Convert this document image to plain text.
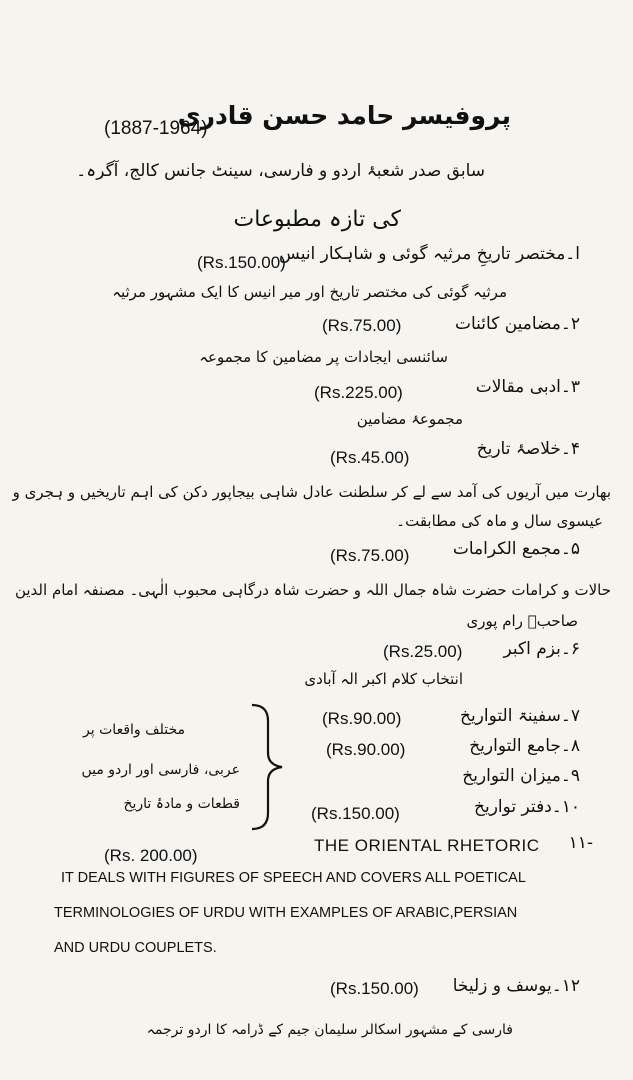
پروفیسر حامد حسن قادری
(1887-1964)
سابق صدر شعبۂ اردو و فارسی، سینٹ جانس کالج، آگرہ۔
کی تازہ مطبوعات
ا۔مختصر تاریخِ مرثیہ گوئی و شاہکار انیس
(Rs.150.00)
مرثیہ گوئی کی مختصر تاریخ اور میر انیس کا ایک مشہور مرثیہ
۲۔مضامین کائنات
(Rs.75.00)
سائنسی ایجادات پر مضامین کا مجموعہ
۳۔ادبی مقالات
(Rs.225.00)
مجموعۂ مضامین
۴۔خلاصۂ تاریخ
(Rs.45.00)
بھارت میں آریوں کی آمد سے لے کر سلطنت عادل شاہی بیجاپور دکن کی اہم تاریخیں و ہجری و
عیسوی سال و ماہ کی مطابقت۔
۵۔مجمع الکرامات
(Rs.75.00)
حالات و کرامات حضرت شاہ جمال اللہ و حضرت شاہ درگاہی محبوب الٰہی۔ مصنفہ امام الدین
صاحبؒ رام پوری
۶۔بزم اکبر
(Rs.25.00)
انتخاب کلام اکبر الہ آبادی
۷۔سفینۃ التواریخ
(Rs.90.00)
۸۔جامع التواریخ
(Rs.90.00)
۹۔میزان التواریخ
۱۰۔دفتر تواریخ
(Rs.150.00)
مختلف واقعات پر
عربی، فارسی اور اردو میں
قطعات و مادۂ تاریخ
THE ORIENTAL RHETORIC -۱۱
(Rs. 200.00)
IT DEALS WITH FIGURES OF SPEECH AND COVERS ALL POETICAL
TERMINOLOGIES OF URDU WITH EXAMPLES OF ARABIC,PERSIAN
AND URDU COUPLETS.
۱۲۔یوسف و زلیخا
(Rs.150.00)
فارسی کے مشہور اسکالر سلیمان جیم کے ڈرامہ کا اردو ترجمہ
